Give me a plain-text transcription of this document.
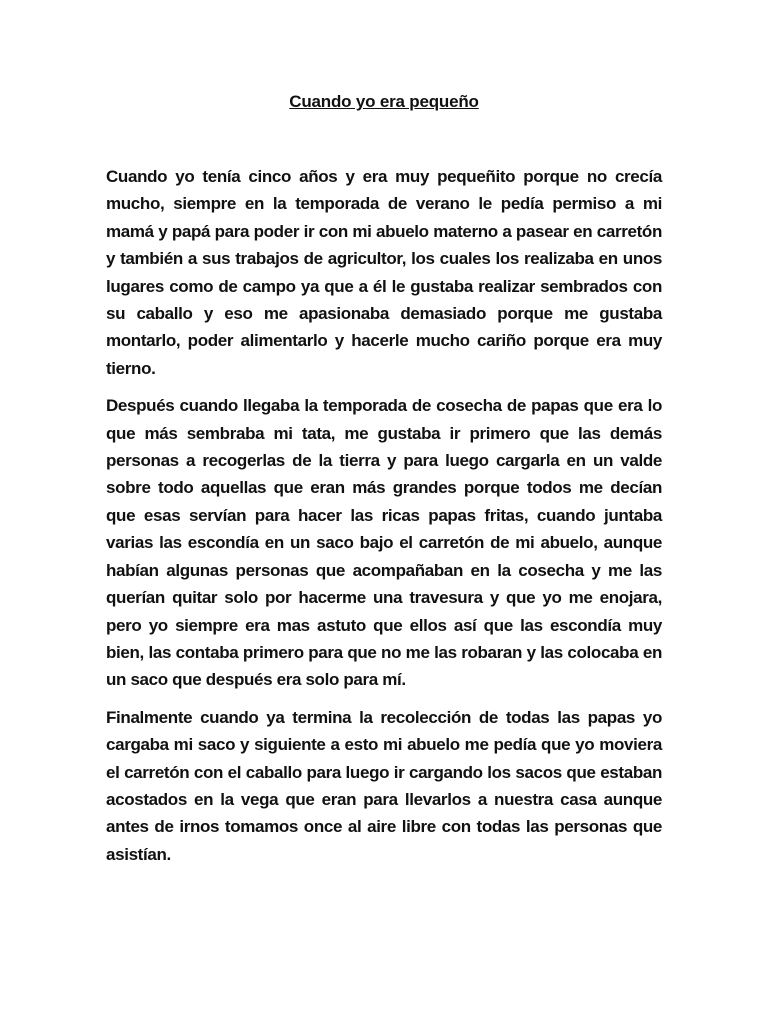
Cuando yo era pequeño

Cuando yo tenía cinco años y era muy pequeñito porque no crecía mucho, siempre en la temporada de verano le pedía permiso a mi mamá y papá para poder ir con mi abuelo materno a pasear en carretón y también a sus trabajos de agricultor, los cuales los realizaba en unos lugares como de campo ya que a él le gustaba realizar sembrados con su caballo y eso me apasionaba demasiado porque me gustaba montarlo, poder alimentarlo y hacerle mucho cariño porque era muy tierno.

Después cuando llegaba la temporada de cosecha de papas que era lo que más sembraba mi tata, me gustaba ir primero que las demás personas a recogerlas de la tierra y para luego cargarla en un valde sobre todo aquellas que eran más grandes porque todos me decían que esas servían para hacer las ricas papas fritas, cuando juntaba varias las escondía en un saco bajo el carretón de mi abuelo, aunque habían algunas personas que acompañaban en la cosecha y me las querían quitar solo por hacerme una travesura y que yo me enojara, pero yo siempre era mas astuto que ellos así que las escondía muy bien, las contaba primero para que no me las robaran y las colocaba en un saco que después era solo para mí.

Finalmente cuando ya termina la recolección de todas las papas yo cargaba mi saco y siguiente a esto mi abuelo me pedía que yo moviera el carretón con el caballo para luego ir cargando los sacos que estaban acostados en la vega que eran para llevarlos a nuestra casa aunque antes de irnos tomamos once al aire libre con todas las personas que asistían.
